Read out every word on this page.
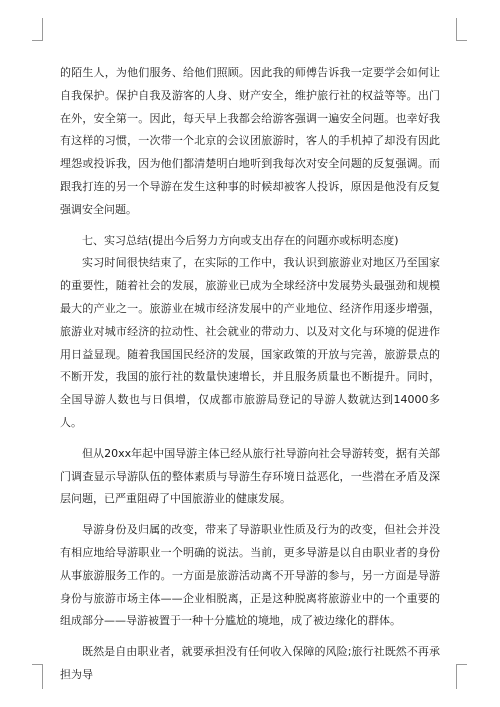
的陌生人，为他们服务、给他们照顾。因此我的师傅告诉我一定要学会如何让自我保护。保护自我及游客的人身、财产安全，维护旅行社的权益等等。出门在外，安全第一。因此，每天早上我都会给游客强调一遍安全问题。也幸好我有这样的习惯，一次带一个北京的会议团旅游时，客人的手机掉了却没有因此埋怨或投诉我，因为他们都清楚明白地听到我每次对安全问题的反复强调。而跟我打连的另一个导游在发生这种事的时候却被客人投诉，原因是他没有反复强调安全问题。

七、实习总结(提出今后努力方向或支出存在的问题亦或标明态度)

实习时间很快结束了，在实际的工作中，我认识到旅游业对地区乃至国家的重要性，随着社会的发展，旅游业已成为全球经济中发展势头最强劲和规模最大的产业之一。旅游业在城市经济发展中的产业地位、经济作用逐步增强，旅游业对城市经济的拉动性、社会就业的带动力、以及对文化与环境的促进作用日益显现。随着我国国民经济的发展，国家政策的开放与完善，旅游景点的不断开发，我国的旅行社的数量快速增长，并且服务质量也不断提升。同时，全国导游人数也与日俱增，仅成都市旅游局登记的导游人数就达到14000多人。

但从20xx年起中国导游主体已经从旅行社导游向社会导游转变，据有关部门调查显示导游队伍的整体素质与导游生存环境日益恶化，一些潜在矛盾及深层问题，已严重阻碍了中国旅游业的健康发展。

导游身份及归属的改变，带来了导游职业性质及行为的改变，但社会并没有相应地给导游职业一个明确的说法。当前，更多导游是以自由职业者的身份从事旅游服务工作的。一方面是旅游活动离不开导游的参与，另一方面是导游身份与旅游市场主体——企业相脱离，正是这种脱离将旅游业中的一个重要的组成部分——导游被置于一种十分尴尬的境地，成了被边缘化的群体。

既然是自由职业者，就要承担没有任何收入保障的风险;旅行社既然不再承担为导
